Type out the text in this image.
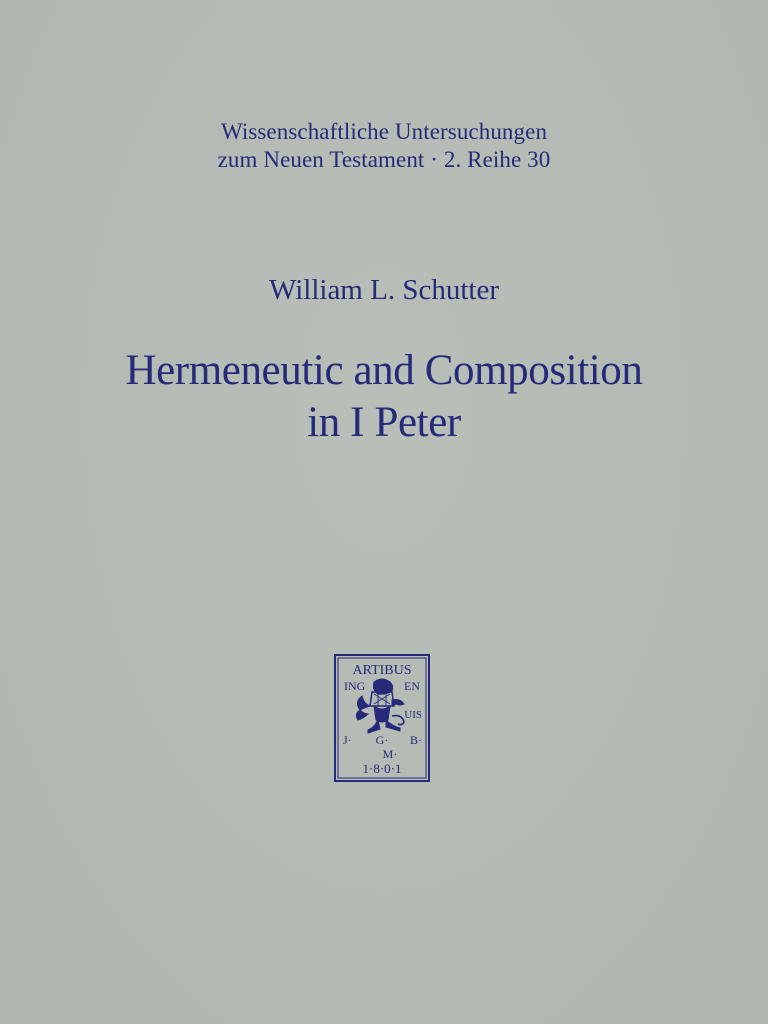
Wissenschaftliche Untersuchungen
zum Neuen Testament · 2. Reihe 30
William L. Schutter
Hermeneutic and Composition
in I Peter
ARTIBUS
ING	EN
UIS
J· G· B·
M·
1·8·0·1
